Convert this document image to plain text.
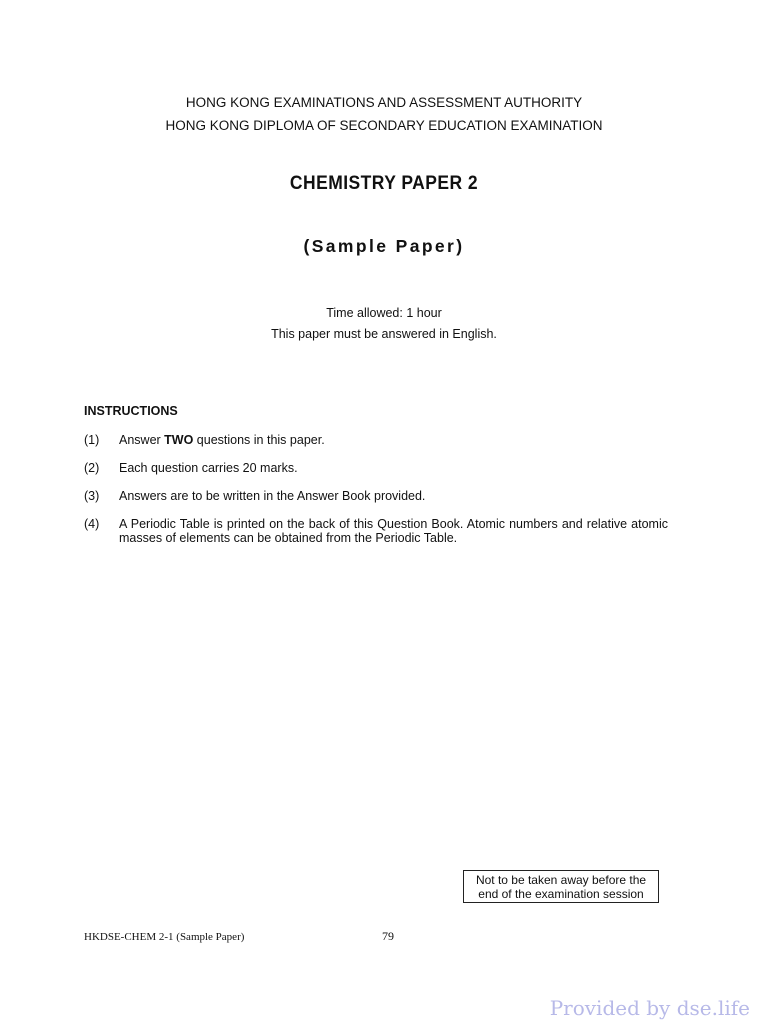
HONG KONG EXAMINATIONS AND ASSESSMENT AUTHORITY
HONG KONG DIPLOMA OF SECONDARY EDUCATION EXAMINATION
CHEMISTRY PAPER 2
(Sample Paper)
Time allowed: 1 hour
This paper must be answered in English.
INSTRUCTIONS
(1) Answer TWO questions in this paper.
(2) Each question carries 20 marks.
(3) Answers are to be written in the Answer Book provided.
(4) A Periodic Table is printed on the back of this Question Book. Atomic numbers and relative atomic masses of elements can be obtained from the Periodic Table.
Not to be taken away before the
end of the examination session
HKDSE-CHEM 2-1 (Sample Paper)	79
Provided by dse.life
